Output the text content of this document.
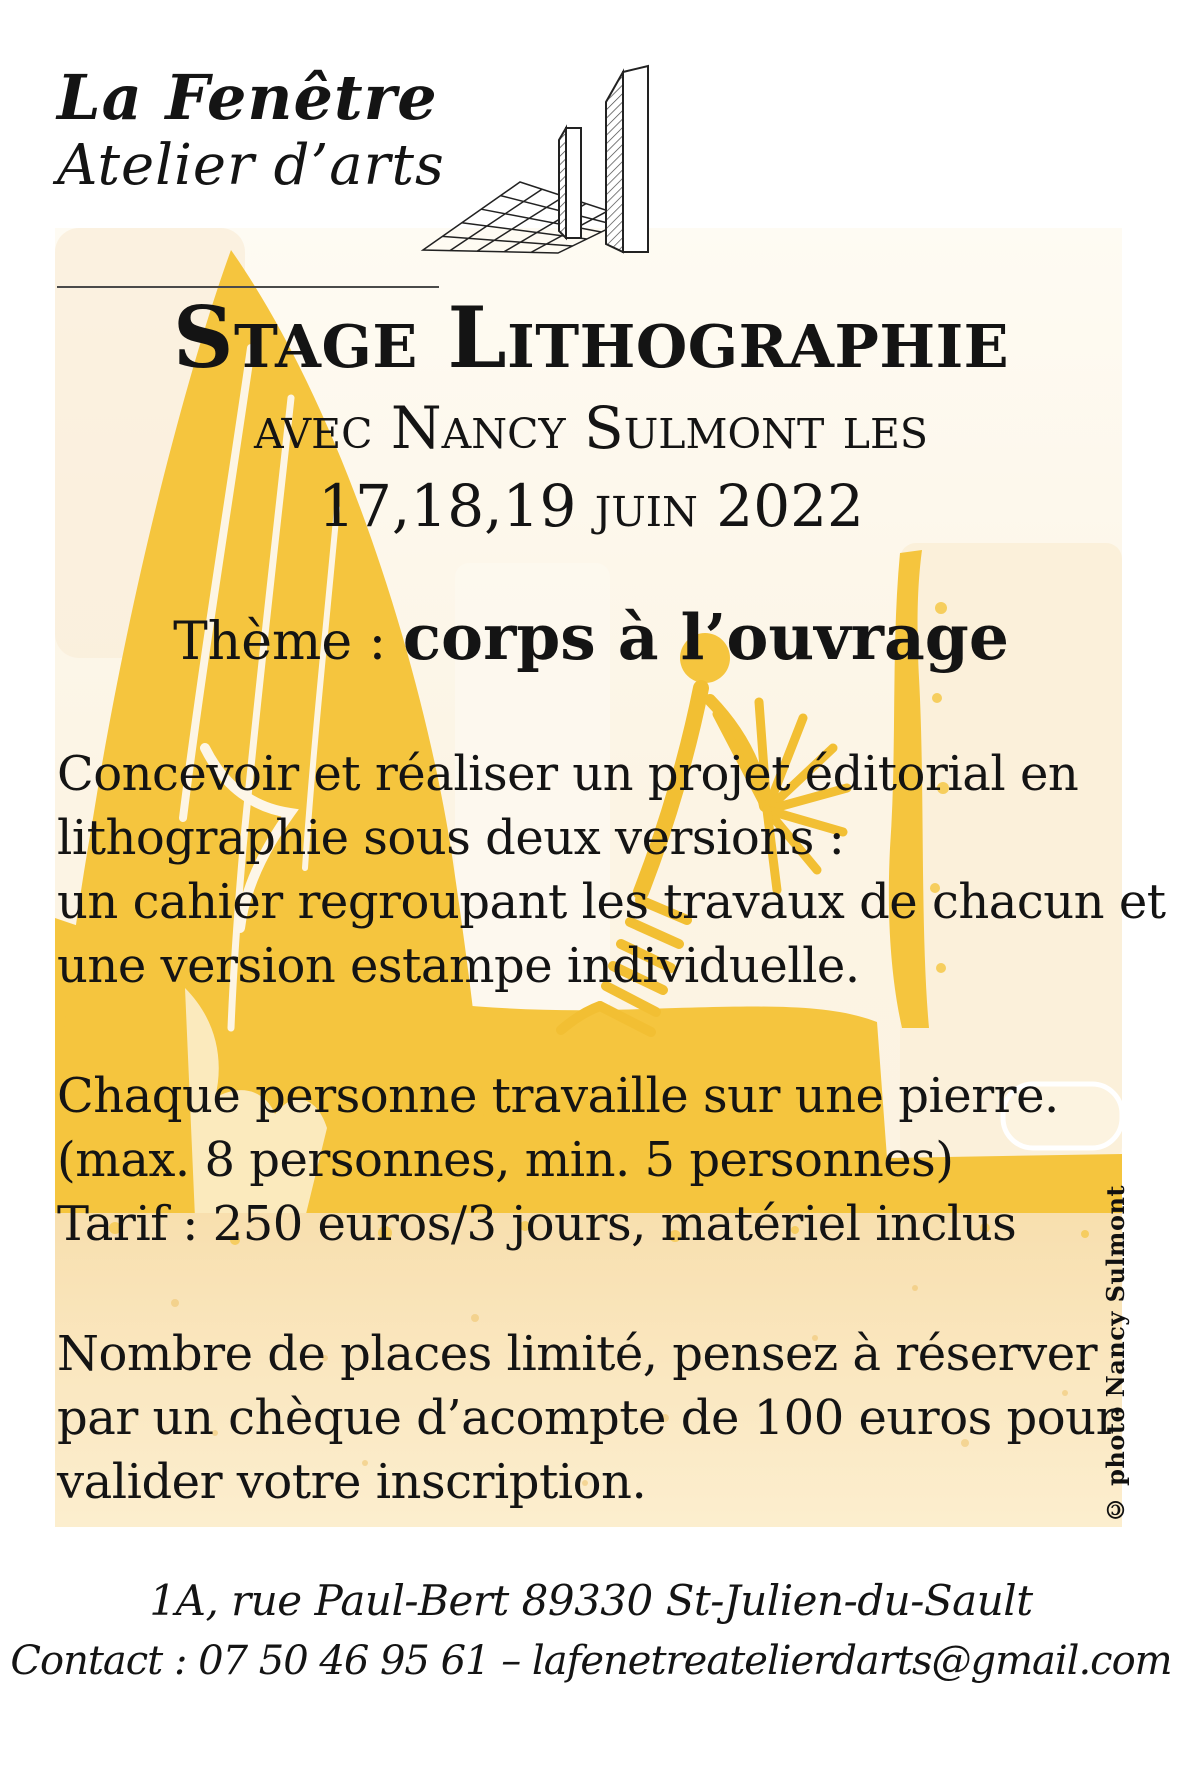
La Fenêtre
Atelier d’arts
Stage Lithographie
avec Nancy Sulmont les
17,18,19 juin 2022
Thème : corps à l’ouvrage

Concevoir et réaliser un projet éditorial en
lithographie sous deux versions :
un cahier regroupant les travaux de chacun et
une version estampe individuelle.

Chaque personne travaille sur une pierre.
(max. 8 personnes, min. 5 personnes)
Tarif : 250 euros/3 jours, matériel inclus

Nombre de places limité, pensez à réserver
par un chèque d’acompte de 100 euros pour
valider votre inscription.	© photo Nancy Sulmont
1A, rue Paul-Bert 89330 St-Julien-du-Sault
Contact : 07 50 46 95 61 – lafenetreatelierdarts@gmail.com
